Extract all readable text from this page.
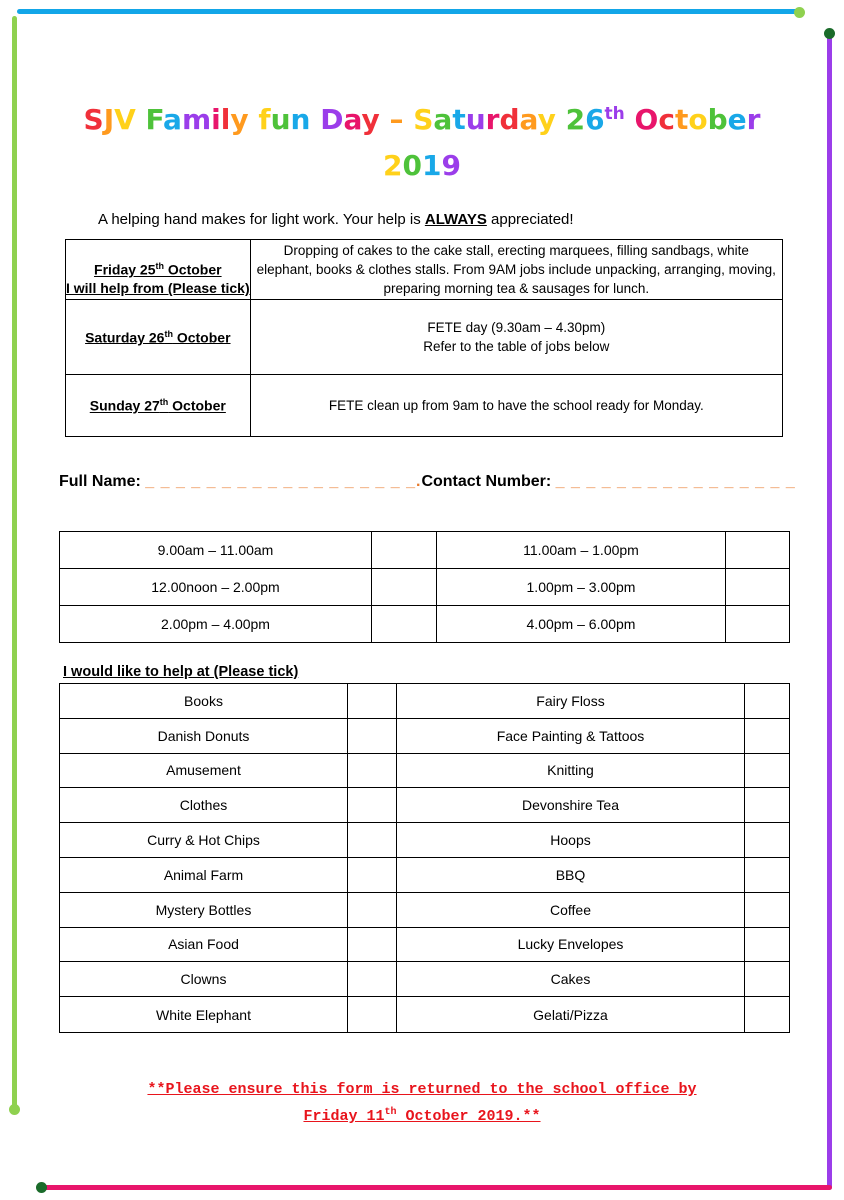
SJV Family fun Day – Saturday 26th October
2019
A helping hand makes for light work. Your help is ALWAYS appreciated!
Friday 25th October
I will help from (Please tick)	Dropping of cakes to the cake stall, erecting marquees, filling sandbags, white elephant, books & clothes stalls. From 9AM jobs include unpacking, arranging, moving, preparing morning tea & sausages for lunch.
Saturday 26th October	FETE day (9.30am – 4.30pm)
Refer to the table of jobs below

Sunday 27th October	FETE clean up from 9am to have the school ready for Monday.
Full Name: _ _ _ _ _ _ _ _ _ _ _ _ _ _ _ _ _ _.Contact Number: _ _ _ _ _ _ _ _ _ _ _ _ _ _ _ _
9.00am – 11.00am		11.00am – 1.00pm	
12.00noon – 2.00pm		1.00pm – 3.00pm	
2.00pm – 4.00pm		4.00pm – 6.00pm	
I would like to help at (Please tick)
Books		Fairy Floss	
Danish Donuts		Face Painting & Tattoos	
Amusement		Knitting	
Clothes		Devonshire Tea	
Curry & Hot Chips		Hoops	
Animal Farm		BBQ	
Mystery Bottles		Coffee	
Asian Food		Lucky Envelopes	
Clowns		Cakes	
White Elephant		Gelati/Pizza	
**Please ensure this form is returned to the school office by
Friday 11th October 2019.**
